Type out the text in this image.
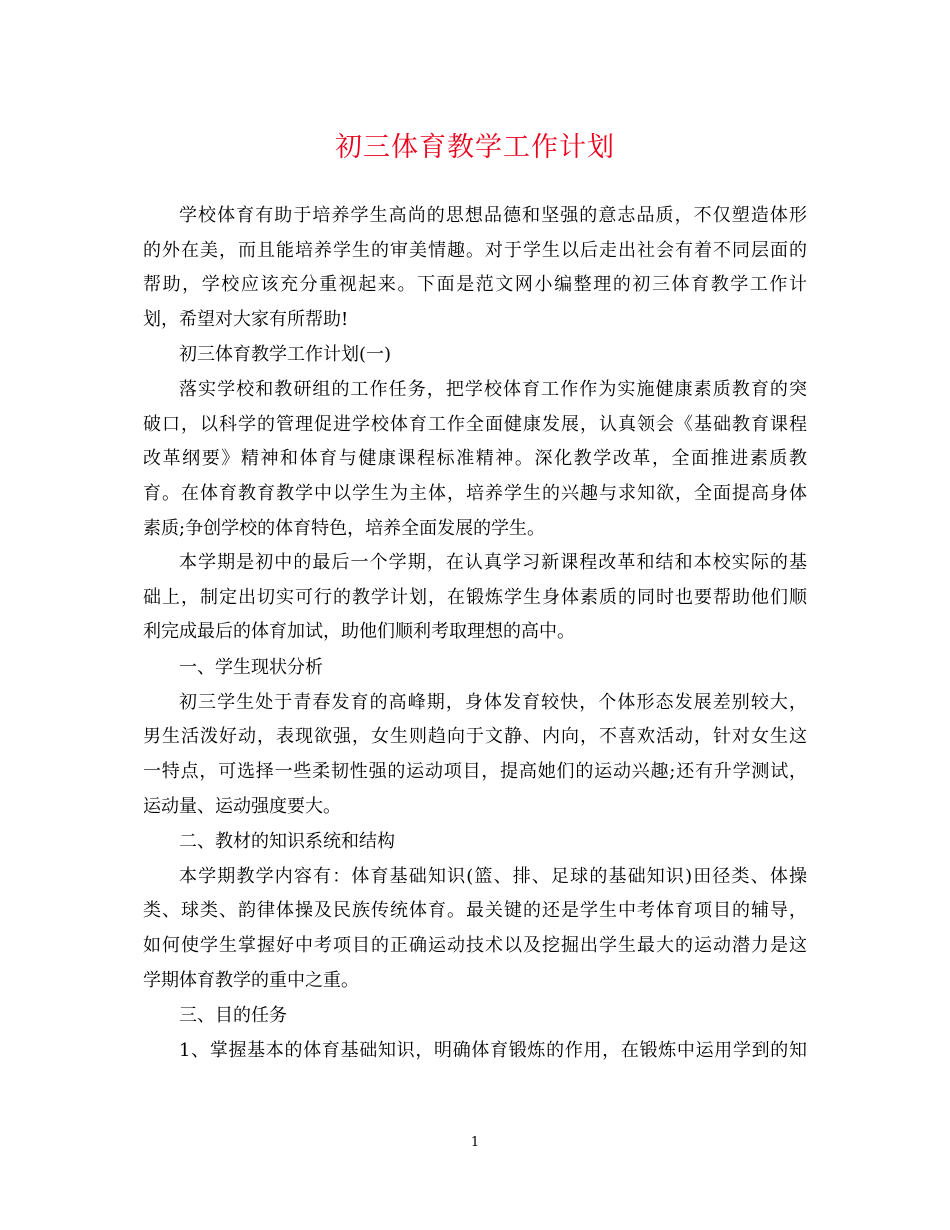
初三体育教学工作计划
学校体育有助于培养学生高尚的思想品德和坚强的意志品质，不仅塑造体形
的外在美，而且能培养学生的审美情趣。对于学生以后走出社会有着不同层面的
帮助，学校应该充分重视起来。下面是范文网小编整理的初三体育教学工作计
划，希望对大家有所帮助!

初三体育教学工作计划(一)

落实学校和教研组的工作任务，把学校体育工作作为实施健康素质教育的突
破口，以科学的管理促进学校体育工作全面健康发展，认真领会《基础教育课程
改革纲要》精神和体育与健康课程标准精神。深化教学改革，全面推进素质教
育。在体育教育教学中以学生为主体，培养学生的兴趣与求知欲，全面提高身体
素质;争创学校的体育特色，培养全面发展的学生。
本学期是初中的最后一个学期，在认真学习新课程改革和结和本校实际的基
础上，制定出切实可行的教学计划，在锻炼学生身体素质的同时也要帮助他们顺
利完成最后的体育加试，助他们顺利考取理想的高中。

一、学生现状分析

初三学生处于青春发育的高峰期，身体发育较快，个体形态发展差别较大，
男生活泼好动，表现欲强，女生则趋向于文静、内向，不喜欢活动，针对女生这
一特点，可选择一些柔韧性强的运动项目，提高她们的运动兴趣;还有升学测试，
运动量、运动强度要大。

二、教材的知识系统和结构

本学期教学内容有：体育基础知识(篮、排、足球的基础知识)田径类、体操
类、球类、韵律体操及民族传统体育。最关键的还是学生中考体育项目的辅导，
如何使学生掌握好中考项目的正确运动技术以及挖掘出学生最大的运动潜力是这
学期体育教学的重中之重。

三、目的任务

1、掌握基本的体育基础知识，明确体育锻炼的作用，在锻炼中运用学到的知
1
